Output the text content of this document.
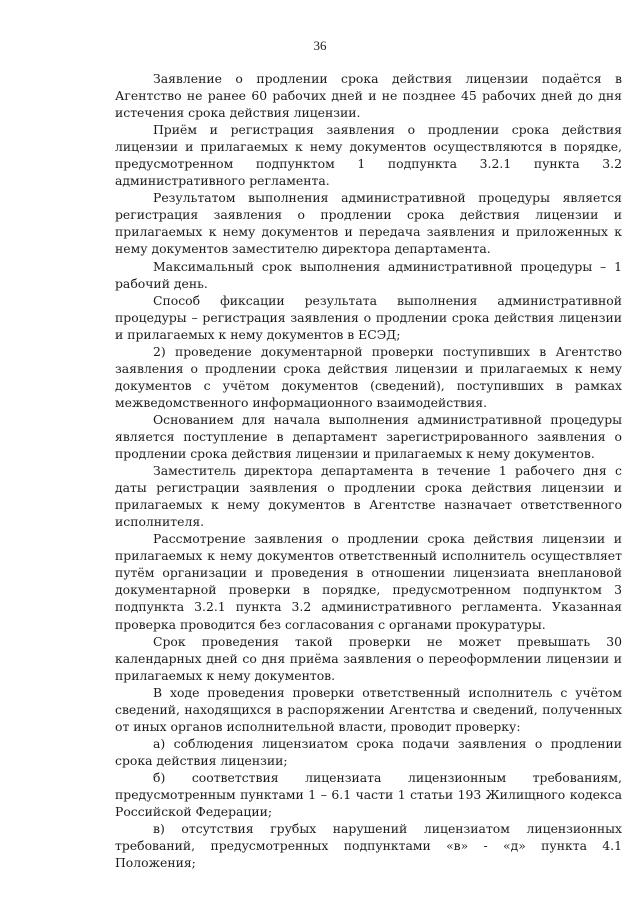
36

Заявление о продлении срока действия лицензии подаётся в Агентство не ранее 60 рабочих дней и не позднее 45 рабочих дней до дня истечения срока действия лицензии.

Приём и регистрация заявления о продлении срока действия лицензии и прилагаемых к нему документов осуществляются в порядке, предусмотренном подпунктом 1 подпункта 3.2.1 пункта 3.2 административного регламента.

Результатом выполнения административной процедуры является регистрация заявления о продлении срока действия лицензии и прилагаемых к нему документов и передача заявления и приложенных к нему документов заместителю директора департамента.

Максимальный срок выполнения административной процедуры – 1 рабочий день.

Способ фиксации результата выполнения административной процедуры – регистрация заявления о продлении срока действия лицензии и прилагаемых к нему документов в ЕСЭД;

2) проведение документарной проверки поступивших в Агентство заявления о продлении срока действия лицензии и прилагаемых к нему документов с учётом документов (сведений), поступивших в рамках межведомственного информационного взаимодействия.

Основанием для начала выполнения административной процедуры является поступление в департамент зарегистрированного заявления о продлении срока действия лицензии и прилагаемых к нему документов.

Заместитель директора департамента в течение 1 рабочего дня с даты регистрации заявления о продлении срока действия лицензии и прилагаемых к нему документов в Агентстве назначает ответственного исполнителя.

Рассмотрение заявления о продлении срока действия лицензии и прилагаемых к нему документов ответственный исполнитель осуществляет путём организации и проведения в отношении лицензиата внеплановой документарной проверки в порядке, предусмотренном подпунктом 3 подпункта 3.2.1 пункта 3.2 административного регламента. Указанная проверка проводится без согласования с органами прокуратуры.

Срок проведения такой проверки не может превышать 30 календарных дней со дня приёма заявления о переоформлении лицензии и прилагаемых к нему документов.

В ходе проведения проверки ответственный исполнитель с учётом сведений, находящихся в распоряжении Агентства и сведений, полученных от иных органов исполнительной власти, проводит проверку:

а) соблюдения лицензиатом срока подачи заявления о продлении срока действия лицензии;

б) соответствия лицензиата лицензионным требованиям, предусмотренным пунктами 1 – 6.1 части 1 статьи 193 Жилищного кодекса Российской Федерации;

в) отсутствия грубых нарушений лицензиатом лицензионных требований, предусмотренных подпунктами «в» - «д» пункта 4.1 Положения;
